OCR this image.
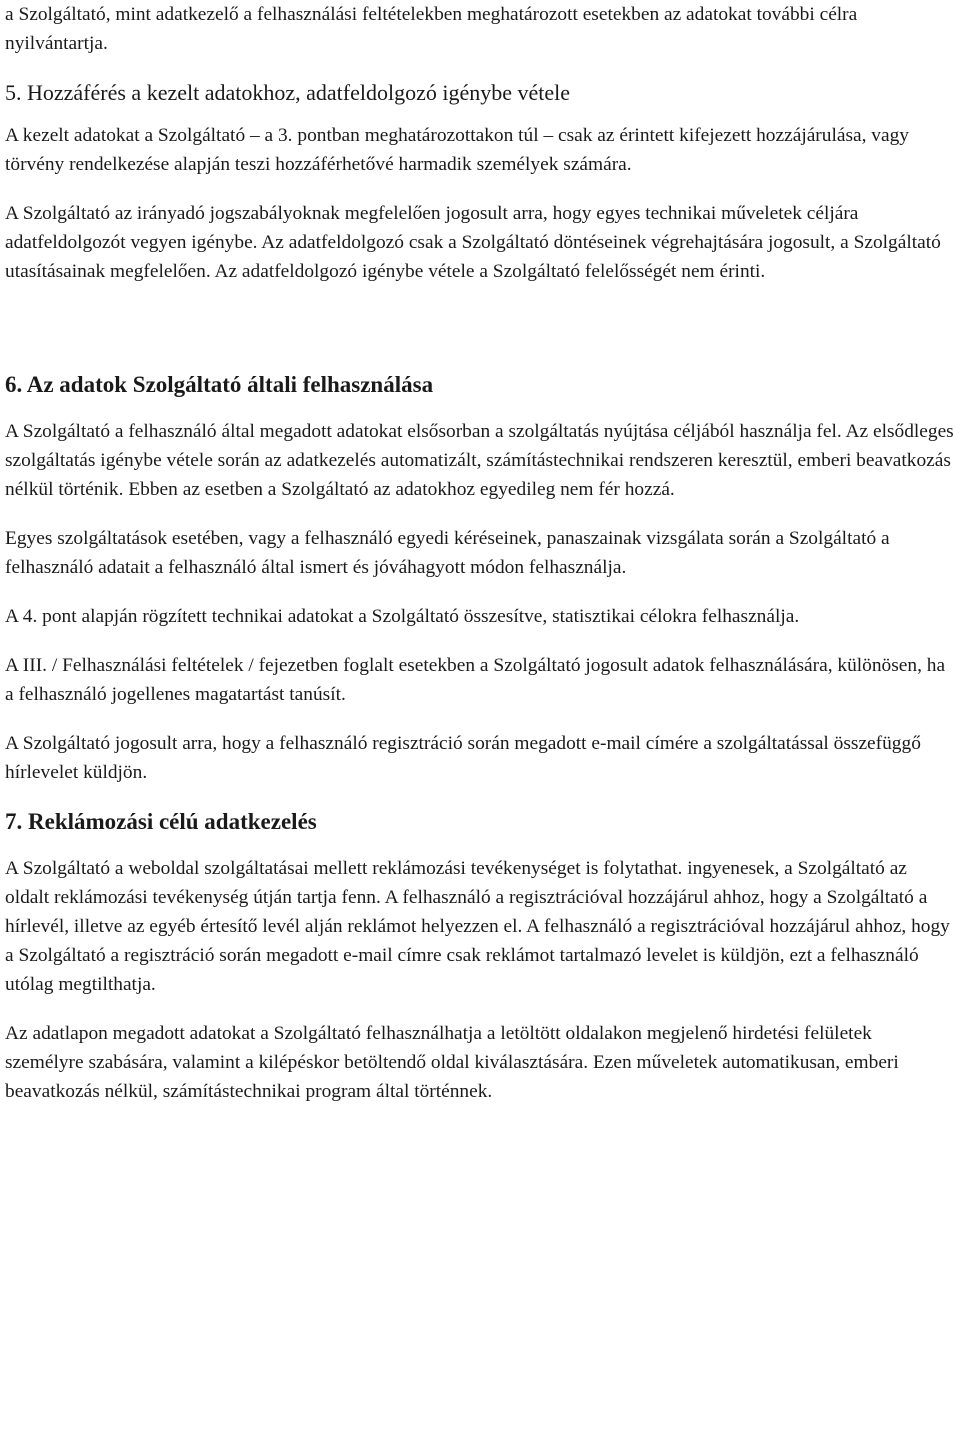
a Szolgáltató, mint adatkezelő a felhasználási feltételekben meghatározott esetekben az adatokat további célra nyilvántartja.

5. Hozzáférés a kezelt adatokhoz, adatfeldolgozó igénybe vétele

A kezelt adatokat a Szolgáltató – a 3. pontban meghatározottakon túl – csak az érintett kifejezett hozzájárulása, vagy törvény rendelkezése alapján teszi hozzáférhetővé harmadik személyek számára.

A Szolgáltató az irányadó jogszabályoknak megfelelően jogosult arra, hogy egyes technikai műveletek céljára adatfeldolgozót vegyen igénybe. Az adatfeldolgozó csak a Szolgáltató döntéseinek végrehajtására jogosult, a Szolgáltató utasításainak megfelelően. Az adatfeldolgozó igénybe vétele a Szolgáltató felelősségét nem érinti.

6. Az adatok Szolgáltató általi felhasználása

A Szolgáltató a felhasználó által megadott adatokat elsősorban a szolgáltatás nyújtása céljából használja fel. Az elsődleges szolgáltatás igénybe vétele során az adatkezelés automatizált, számítástechnikai rendszeren keresztül, emberi beavatkozás nélkül történik. Ebben az esetben a Szolgáltató az adatokhoz egyedileg nem fér hozzá.

Egyes szolgáltatások esetében, vagy a felhasználó egyedi kéréseinek, panaszainak vizsgálata során a Szolgáltató a felhasználó adatait a felhasználó által ismert és jóváhagyott módon felhasználja.

A 4. pont alapján rögzített technikai adatokat a Szolgáltató összesítve, statisztikai célokra felhasználja.

A III. / Felhasználási feltételek / fejezetben foglalt esetekben a Szolgáltató jogosult adatok felhasználására, különösen, ha a felhasználó jogellenes magatartást tanúsít.

A Szolgáltató jogosult arra, hogy a felhasználó regisztráció során megadott e-mail címére a szolgáltatással összefüggő hírlevelet küldjön.

7. Reklámozási célú adatkezelés

A Szolgáltató a weboldal szolgáltatásai mellett reklámozási tevékenységet is folytathat. ingyenesek, a Szolgáltató az oldalt reklámozási tevékenység útján tartja fenn. A felhasználó a regisztrációval hozzájárul ahhoz, hogy a Szolgáltató a hírlevél, illetve az egyéb értesítő levél alján reklámot helyezzen el. A felhasználó a regisztrációval hozzájárul ahhoz, hogy a Szolgáltató a regisztráció során megadott e-mail címre csak reklámot tartalmazó levelet is küldjön, ezt a felhasználó utólag megtilthatja.

Az adatlapon megadott adatokat a Szolgáltató felhasználhatja a letöltött oldalakon megjelenő hirdetési felületek személyre szabására, valamint a kilépéskor betöltendő oldal kiválasztására. Ezen műveletek automatikusan, emberi beavatkozás nélkül, számítástechnikai program által történnek.
